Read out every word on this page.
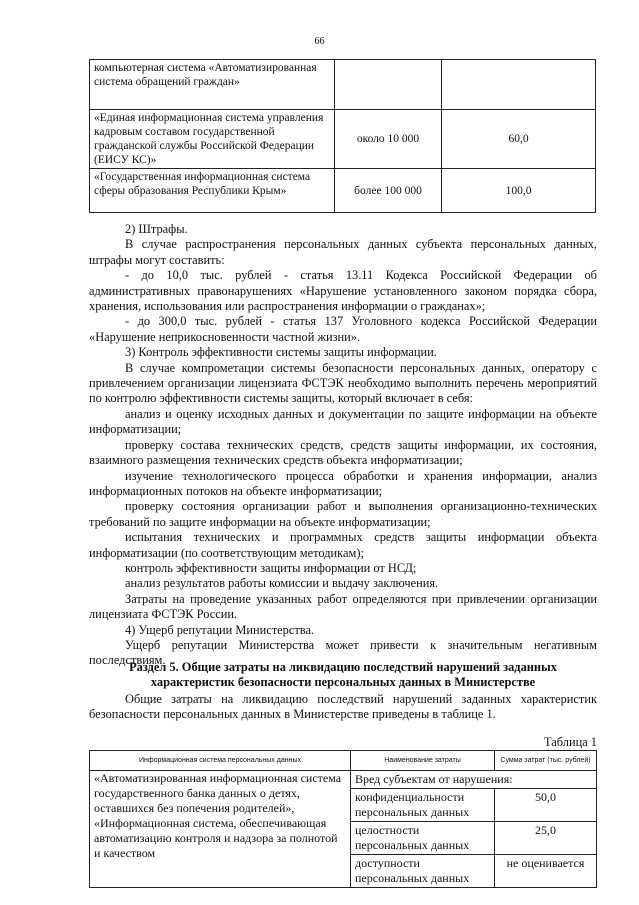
66
компьютерная система «Автоматизированная система обращений граждан»		
«Единая информационная система управления кадровым составом государственной гражданской службы Российской Федерации (ЕИСУ КС)»	около 10 000	60,0
«Государственная информационная система сферы образования Республики Крым»	более 100 000	100,0

2) Штрафы.

В случае распространения персональных данных субъекта персональных данных, штрафы могут составить:

- до 10,0 тыс. рублей - статья 13.11 Кодекса Российской Федерации об административных правонарушениях «Нарушение установленного законом порядка сбора, хранения, использования или распространения информации о гражданах»;

- до 300,0 тыс. рублей - статья 137 Уголовного кодекса Российской Федерации «Нарушение неприкосновенности частной жизни».

3) Контроль эффективности системы защиты информации.

В случае компрометации системы безопасности персональных данных, оператору с привлечением организации лицензиата ФСТЭК необходимо выполнить перечень мероприятий по контролю эффективности системы защиты, который включает в себя:

анализ и оценку исходных данных и документации по защите информации на объекте информатизации;

проверку состава технических средств, средств защиты информации, их состояния, взаимного размещения технических средств объекта информатизации;

изучение технологического процесса обработки и хранения информации, анализ информационных потоков на объекте информатизации;

проверку состояния организации работ и выполнения организационно-технических требований по защите информации на объекте информатизации;

испытания технических и программных средств защиты информации объекта информатизации (по соответствующим методикам);

контроль эффективности защиты информации от НСД;

анализ результатов работы комиссии и выдачу заключения.

Затраты на проведение указанных работ определяются при привлечении организации лицензиата ФСТЭК России.

4) Ущерб репутации Министерства.

Ущерб репутации Министерства может привести к значительным негативным последствиям.

Раздел 5. Общие затраты на ликвидацию последствий нарушений заданных характеристик безопасности персональных данных в Министерстве

Общие затраты на ликвидацию последствий нарушений заданных характеристик безопасности персональных данных в Министерстве приведены в таблице 1.

Таблица 1
Информационная система персональных данных	Наименование затраты	Сумма затрат (тыс. рублей)
«Автоматизированная информационная система государственного банка данных о детях, оставшихся без попечения родителей», «Информационная система, обеспечивающая автоматизацию контроля и надзора за полнотой и качеством	Вред субъектам от нарушения:	
	конфиденциальности персональных данных	50,0
	целостности персональных данных	25,0
	доступности персональных данных	не оценивается
